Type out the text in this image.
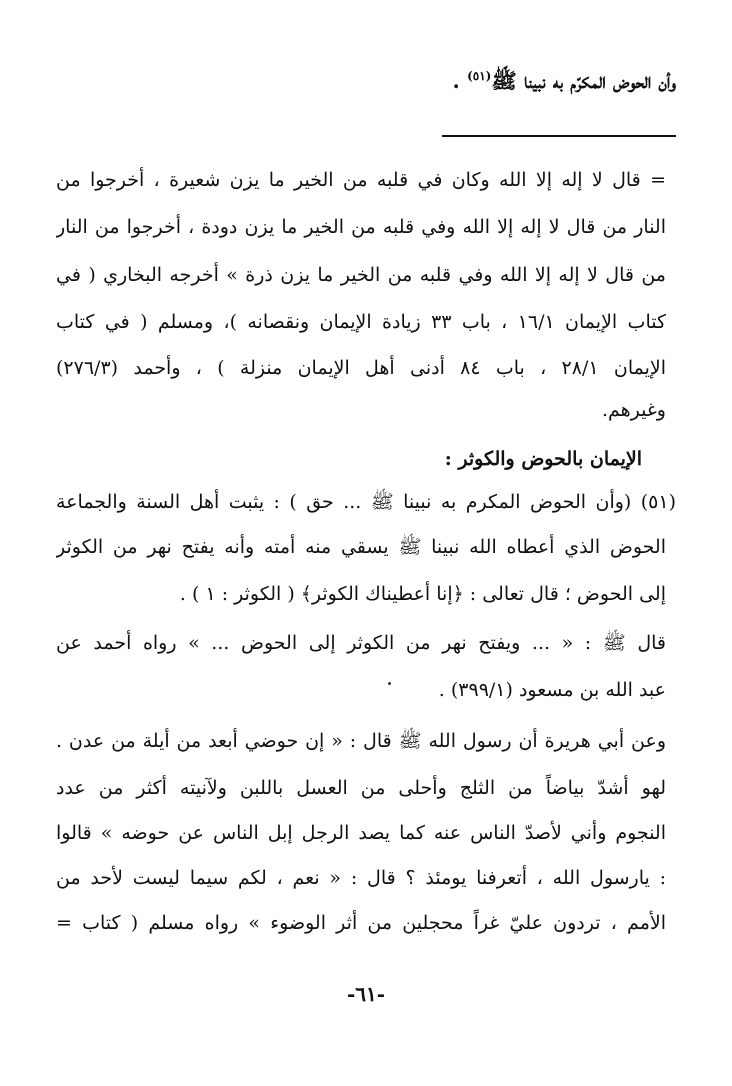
وأن الحوض المكرّم به نبينا ﷺ$^{(٥١)}$ .
= قال لا إله إلا الله وكان في قلبه من الخير ما يزن شعيرة ، أخرجوا من
النار من قال لا إله إلا الله وفي قلبه من الخير ما يزن دودة ، أخرجوا من النار
من قال لا إله إلا الله وفي قلبه من الخير ما يزن ذرة » أخرجه البخاري ( في
كتاب الإيمان ١٦/١ ، باب ٣٣ زيادة الإيمان ونقصانه )، ومسلم ( في كتاب
الإيمان ٢٨/١ ، باب ٨٤ أدنى أهل الإيمان منزلة ) ، وأحمد (٢٧٦/٣)
وغيرهم.
الإيمان بالحوض والكوثر :
(٥١) (وأن الحوض المكرم به نبينا ﷺ ... حق ) : يثبت أهل السنة والجماعة
الحوض الذي أعطاه الله نبينا ﷺ يسقي منه أمته وأنه يفتح نهر من الكوثر
إلى الحوض ؛ قال تعالى : ﴿إنا أعطيناك الكوثر﴾ ( الكوثر : ١ ) .
قال ﷺ : « ... ويفتح نهر من الكوثر إلى الحوض ... » رواه أحمد عن
عبد الله بن مسعود (٣٩٩/١) .
وعن أبي هريرة أن رسول الله ﷺ قال : « إن حوضي أبعد من أيلة من عدن .
لهو أشدّ بياضاً من الثلج وأحلى من العسل باللبن ولآنيته أكثر من عدد
النجوم وأني لأصدّ الناس عنه كما يصد الرجل إبل الناس عن حوضه » قالوا
: يارسول الله ، أتعرفنا يومئذ ؟ قال : « نعم ، لكم سيما ليست لأحد من
الأمم ، تردون عليّ غراً محجلين من أثر الوضوء » رواه مسلم ( كتاب =
-٦١-
